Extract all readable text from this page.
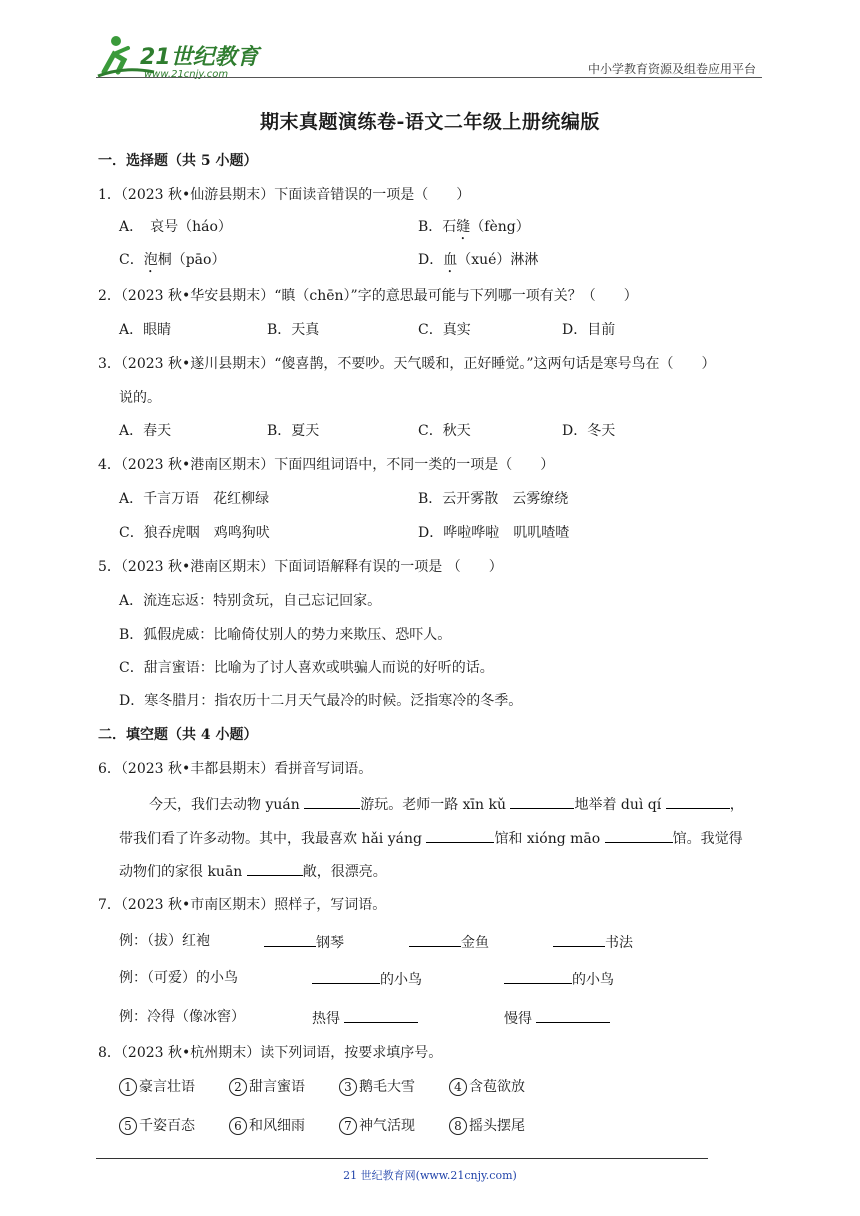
21世纪教育
www.21cnjy.com	中小学教育资源及组卷应用平台
期末真题演练卷-语文二年级上册统编版
一．选择题（共 5 小题）
1．（2023 秋•仙游县期末）下面读音错误的一项是（　　）
A．　哀号（háo）	B．石缝（fèng）
C．泡桐（pāo）	D．血（xué）淋淋
2．（2023 秋•华安县期末）“瞋（chēn）”字的意思最可能与下列哪一项有关？（　　）
A．眼睛	B．天真	C．真实	D．目前
3．（2023 秋•遂川县期末）“傻喜鹊，不要吵。天气暖和，正好睡觉。”这两句话是寒号鸟在（　　）
说的。
A．春天	B．夏天	C．秋天	D．冬天
4．（2023 秋•港南区期末）下面四组词语中，不同一类的一项是（　　）
A．千言万语　花红柳绿	B．云开雾散　云雾缭绕
C．狼吞虎咽　鸡鸣狗吠	D．哗啦哗啦　叽叽喳喳
5．（2023 秋•港南区期末）下面词语解释有误的一项是 （　　）
A．流连忘返：特别贪玩，自己忘记回家。
B．狐假虎威：比喻倚仗别人的势力来欺压、恐吓人。
C．甜言蜜语：比喻为了讨人喜欢或哄骗人而说的好听的话。
D．寒冬腊月：指农历十二月天气最冷的时候。泛指寒冷的冬季。
二．填空题（共 4 小题）
6．（2023 秋•丰都县期末）看拼音写词语。
今天，我们去动物 yuán	游玩。老师一路 xīn kǔ	地举着 duì qí	，
带我们看了许多动物。其中，我最喜欢 hǎi yáng	馆和 xióng māo	馆。我觉得
动物们的家很 kuān	敞，很漂亮。
7．（2023 秋•市南区期末）照样子，写词语。
例：（拔）红袍	钢琴	金鱼	书法
例：（可爱）的小鸟	的小鸟	的小鸟
例：冷得（像冰窖）	热得	慢得
8．（2023 秋•杭州期末）读下列词语，按要求填序号。
1 豪言壮语	2 甜言蜜语	3 鹅毛大雪	4 含苞欲放
5 千姿百态	6 和风细雨	7 神气活现	8 摇头摆尾
21 世纪教育网(www.21cnjy.com)
